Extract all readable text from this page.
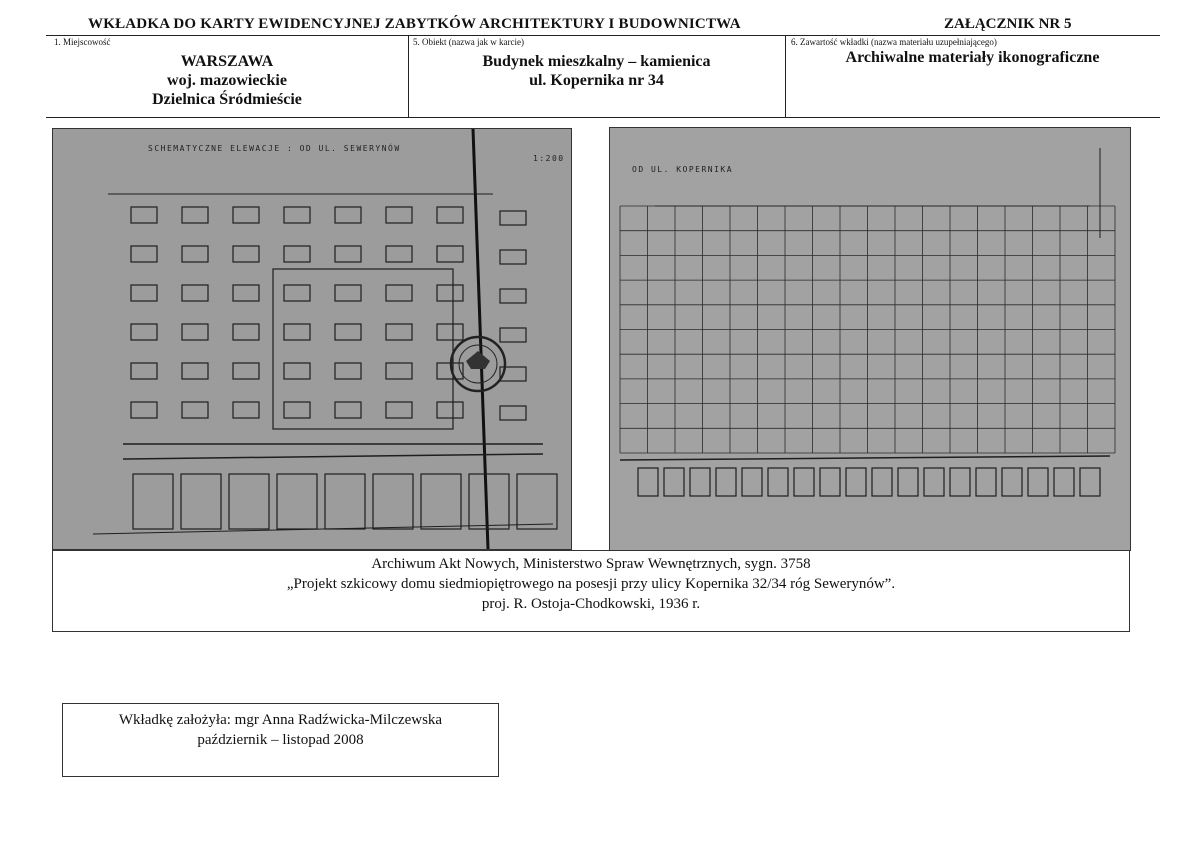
WKŁADKA DO KARTY EWIDENCYJNEJ ZABYTKÓW ARCHITEKTURY I BUDOWNICTWA	ZAŁĄCZNIK NR 5
1. Miejscowość
WARSZAWA
woj. mazowieckie
Dzielnica Śródmieście
5. Obiekt (nazwa jak w karcie)
Budynek mieszkalny – kamienica
ul. Kopernika nr 34
6. Zawartość wkładki (nazwa materiału uzupełniającego)
Archiwalne materiały ikonograficzne
SCHEMATYCZNE ELEWACJE : OD UL. SEWERYNÓW
1:200
OD UL. KOPERNIKA
Archiwum Akt Nowych, Ministerstwo Spraw Wewnętrznych, sygn. 3758
„Projekt szkicowy domu siedmiopiętrowego na posesji przy ulicy Kopernika 32/34 róg Sewerynów”.
proj. R. Ostoja-Chodkowski, 1936 r.
Wkładkę założyła: mgr Anna Radźwicka-Milczewska
październik – listopad 2008
